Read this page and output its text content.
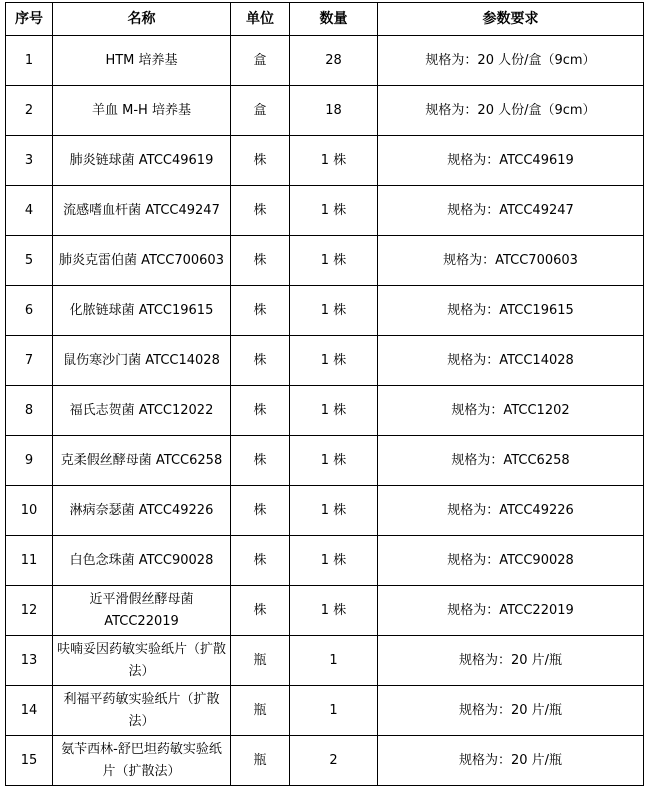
序号	名称	单位	数量	参数要求
1	HTM 培养基	盒	28	规格为：20 人份/盒（9cm）
2	羊血 M-H 培养基	盒	18	规格为：20 人份/盒（9cm）
3	肺炎链球菌 ATCC49619	株	1 株	规格为：ATCC49619
4	流感嗜血杆菌 ATCC49247	株	1 株	规格为：ATCC49247
5	肺炎克雷伯菌 ATCC700603	株	1 株	规格为：ATCC700603
6	化脓链球菌 ATCC19615	株	1 株	规格为：ATCC19615
7	鼠伤寒沙门菌 ATCC14028	株	1 株	规格为：ATCC14028
8	福氏志贺菌 ATCC12022	株	1 株	规格为：ATCC1202
9	克柔假丝酵母菌 ATCC6258	株	1 株	规格为：ATCC6258
10	淋病奈瑟菌 ATCC49226	株	1 株	规格为：ATCC49226
11	白色念珠菌 ATCC90028	株	1 株	规格为：ATCC90028
12	近平滑假丝酵母菌 ATCC22019	株	1 株	规格为：ATCC22019
13	呋喃妥因药敏实验纸片（扩散法）	瓶	1	规格为：20 片/瓶
14	利福平药敏实验纸片（扩散法）	瓶	1	规格为：20 片/瓶
15	氨苄西林-舒巴坦药敏实验纸片（扩散法）	瓶	2	规格为：20 片/瓶
